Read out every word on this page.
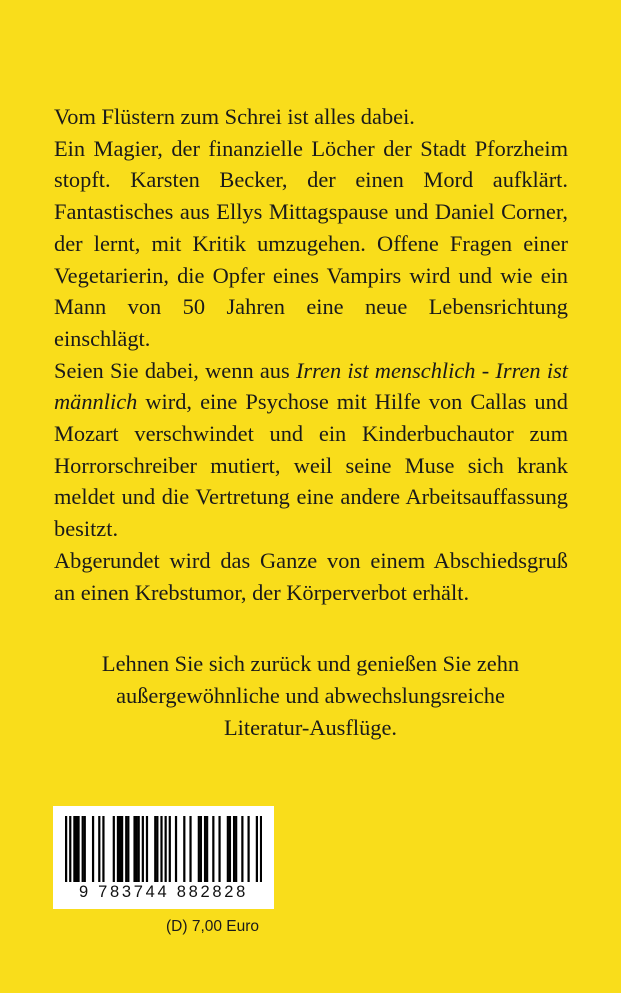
Vom Flüstern zum Schrei ist alles dabei.

Ein Magier, der finanzielle Löcher der Stadt Pforzheim stopft. Karsten Becker, der einen Mord aufklärt. Fantastisches aus Ellys Mittagspause und Daniel Corner, der lernt, mit Kritik umzugehen. Offene Fragen einer Vegetarierin, die Opfer eines Vampirs wird und wie ein Mann von 50 Jahren eine neue Lebensrichtung einschlägt.

Seien Sie dabei, wenn aus Irren ist menschlich - Irren ist männlich wird, eine Psychose mit Hilfe von Callas und Mozart verschwindet und ein Kinderbuchautor zum Horrorschreiber mutiert, weil seine Muse sich krank meldet und die Vertretung eine andere Arbeitsauffassung besitzt.

Abgerundet wird das Ganze von einem Abschiedsgruß an einen Krebstumor, der Körperverbot erhält.

Lehnen Sie sich zurück und genießen Sie zehn
außergewöhnliche und abwechslungsreiche
Literatur-Ausflüge.
9 783744 882828
(D) 7,00 Euro
